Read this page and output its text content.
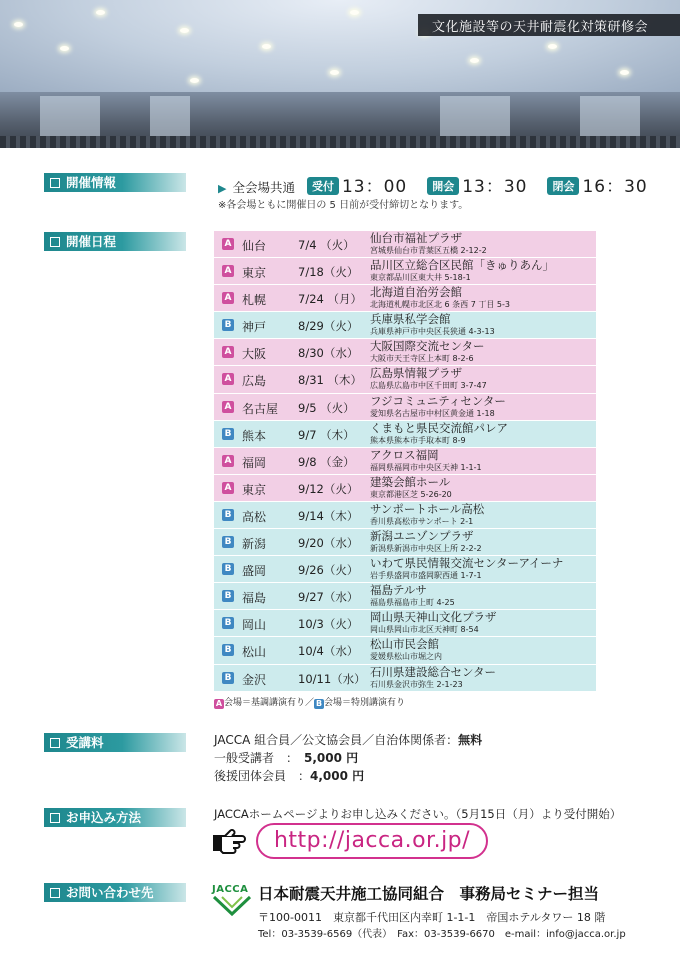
文化施設等の天井耐震化対策研修会
開催情報	▶ 全会場共通 受付 13：00 開会 13：30 閉会 16：30
※各会場ともに開催日の 5 日前が受付締切となります。
開催日程	A 仙台	7/4 （火） 仙台市福祉プラザ
宮城県仙台市青葉区五橋 2-12-2
A 東京	7/18（火） 品川区立総合区民館「きゅりあん」
東京都品川区東大井 5-18-1
A 札幌	7/24 （月） 北海道自治労会館
北海道札幌市北区北 6 条西 7 丁目 5-3
B 神戸	8/29（火） 兵庫県私学会館
兵庫県神戸市中央区長狭通 4-3-13
A 大阪	8/30（水） 大阪国際交流センター
大阪市天王寺区上本町 8-2-6
A 広島	8/31 （木） 広島県情報プラザ
広島県広島市中区千田町 3-7-47
A 名古屋 9/5 （火） フジコミュニティセンター
愛知県名古屋市中村区黄金通 1-18
B 熊本	9/7 （木） くまもと県民交流館パレア
熊本県熊本市手取本町 8-9
A 福岡	9/8 （金） アクロス福岡
福岡県福岡市中央区天神 1-1-1
A 東京	9/12（火） 建築会館ホール
東京都港区芝 5-26-20
B 高松	9/14（木） サンポートホール高松
香川県高松市サンポート 2-1
B 新潟	9/20（水） 新潟ユニゾンプラザ
新潟県新潟市中央区上所 2-2-2
B 盛岡	9/26（火） いわて県民情報交流センターアイーナ
岩手県盛岡市盛岡駅西通 1-7-1
B 福島	9/27（水） 福島テルサ
福島県福島市上町 4-25
B 岡山	10/3（火） 岡山県天神山文化プラザ
岡山県岡山市北区天神町 8-54
B 松山	10/4（水） 松山市民会館
愛媛県松山市堀之内
B 金沢	10/11（水） 石川県建設総合センター
石川県金沢市弥生 2-1-23
A 会場＝基調講演有り／ B 会場＝特別講演有り
受講料	JACCA 組合員／公文協会員／自治体関係者：無料
一般受講者　： 5,000 円
後援団体会員　：4,000 円
お申込み方法	JACCAホームページよりお申し込みください。（5月15日（月）より受付開始）
http://jacca.or.jp/
お問い合わせ先	JACCA 日本耐震天井施工協同組合　事務局セミナー担当
〒100-0011　東京都千代田区内幸町 1-1-1　帝国ホテルタワー 18 階
Tel：03-3539-6569（代表）　Fax：03-3539-6670　e-mail：info@jacca.or.jp
